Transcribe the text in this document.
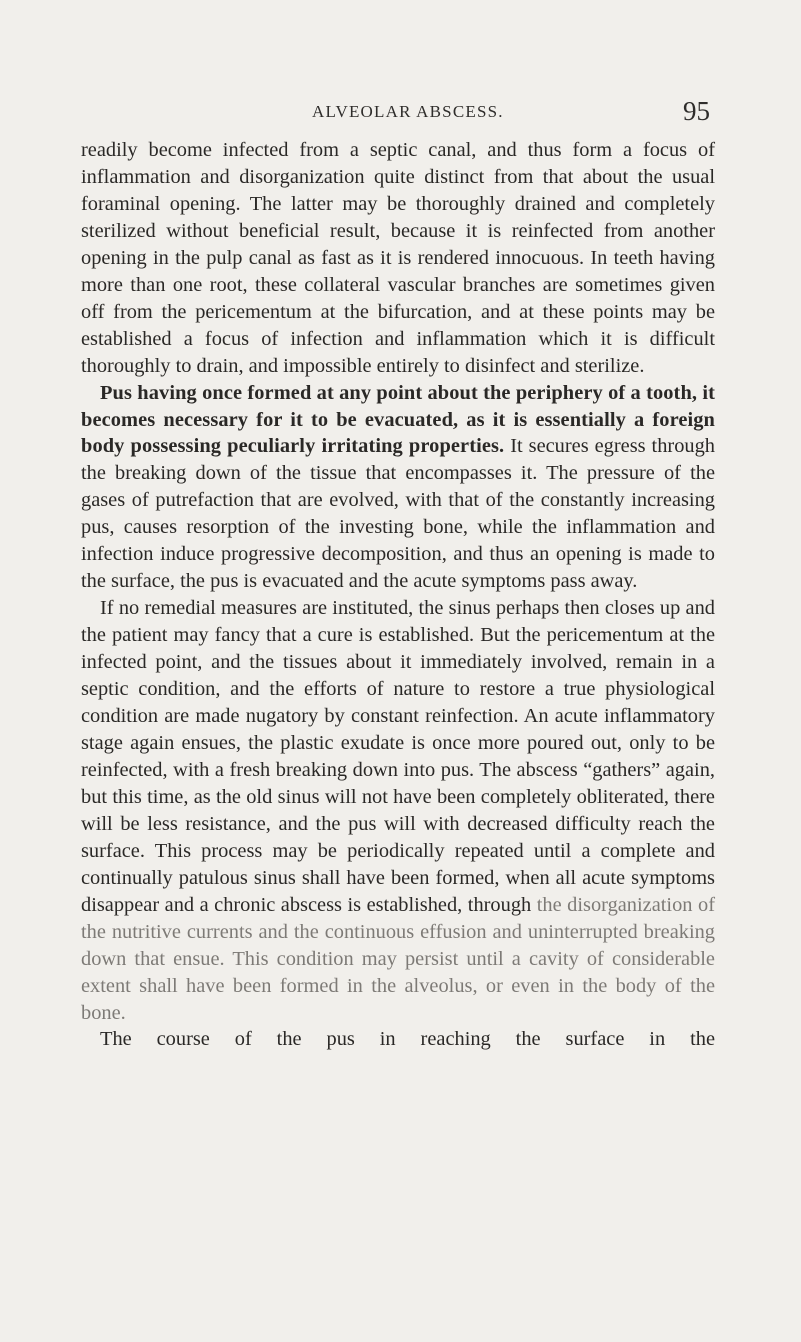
ALVEOLAR ABSCESS.	95

readily become infected from a septic canal, and thus form a focus of inflammation and disorganization quite distinct from that about the usual foraminal opening. The latter may be thoroughly drained and completely sterilized without beneficial result, because it is reinfected from another opening in the pulp canal as fast as it is rendered innocuous. In teeth having more than one root, these collateral vascular branches are sometimes given off from the pericementum at the bifurcation, and at these points may be established a focus of infection and inflammation which it is difficult thoroughly to drain, and impossible entirely to disinfect and sterilize.

Pus having once formed at any point about the periphery of a tooth, it becomes necessary for it to be evacuated, as it is essentially a foreign body possessing peculiarly irritating properties. It secures egress through the breaking down of the tissue that encompasses it. The pressure of the gases of putrefaction that are evolved, with that of the constantly increasing pus, causes resorption of the investing bone, while the inflammation and infection induce progressive decomposition, and thus an opening is made to the surface, the pus is evacuated and the acute symptoms pass away.

If no remedial measures are instituted, the sinus perhaps then closes up and the patient may fancy that a cure is established. But the pericementum at the infected point, and the tissues about it immediately involved, remain in a septic condition, and the efforts of nature to restore a true physiological condition are made nugatory by constant reinfection. An acute inflammatory stage again ensues, the plastic exudate is once more poured out, only to be reinfected, with a fresh breaking down into pus. The abscess “gathers” again, but this time, as the old sinus will not have been completely obliterated, there will be less resistance, and the pus will with decreased difficulty reach the surface. This process may be periodically repeated until a complete and continually patulous sinus shall have been formed, when all acute symptoms disappear and a chronic abscess is established, through the disorganization of the nutritive currents and the continuous effusion and uninterrupted breaking down that ensue. This condition may persist until a cavity of considerable extent shall have been formed in the alveolus, or even in the body of the bone.

The course of the pus in reaching the surface in the
